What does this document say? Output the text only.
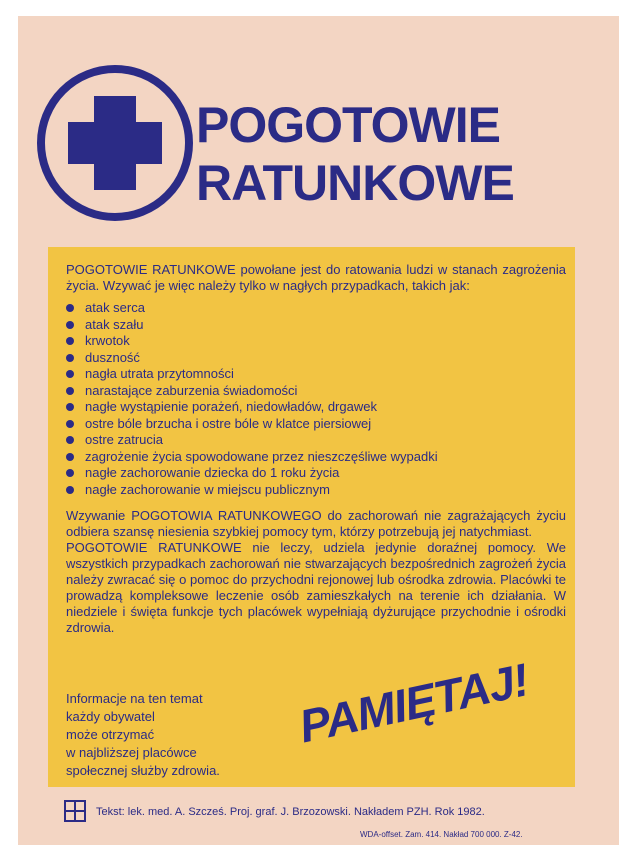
POGOTOWIE
RATUNKOWE

POGOTOWIE RATUNKOWE powołane jest do ratowania ludzi w stanach zagrożenia życia. Wzywać je więc należy tylko w nagłych przypadkach, takich jak:

atak serca
atak szału
krwotok
duszność
nagła utrata przytomności
narastające zaburzenia świadomości
nagłe wystąpienie porażeń, niedowładów, drgawek
ostre bóle brzucha i ostre bóle w klatce piersiowej
ostre zatrucia
zagrożenie życia spowodowane przez nieszczęśliwe wypadki
nagłe zachorowanie dziecka do 1 roku życia
nagłe zachorowanie w miejscu publicznym

Wzywanie POGOTOWIA RATUNKOWEGO do zachorowań nie zagrażających życiu odbiera szansę niesienia szybkiej pomocy tym, którzy potrzebują jej natychmiast.

POGOTOWIE RATUNKOWE nie leczy, udziela jedynie doraźnej pomocy. We wszystkich przypadkach zachorowań nie stwarzających bezpośrednich zagrożeń życia należy zwracać się o pomoc do przychodni rejonowej lub ośrodka zdrowia. Placówki te prowadzą kompleksowe leczenie osób zamieszkałych na terenie ich działania. W niedziele i święta funkcje tych placówek wypełniają dyżurujące przychodnie i ośrodki zdrowia.

Informacje na ten temat
każdy obywatel
może otrzymać
w najbliższej placówce
społecznej służby zdrowia.
PAMIĘTAJ!
Tekst: lek. med. A. Szcześ. Proj. graf. J. Brzozowski. Nakładem PZH. Rok 1982.
WDA-offset. Zam. 414. Nakład 700 000. Z-42.
